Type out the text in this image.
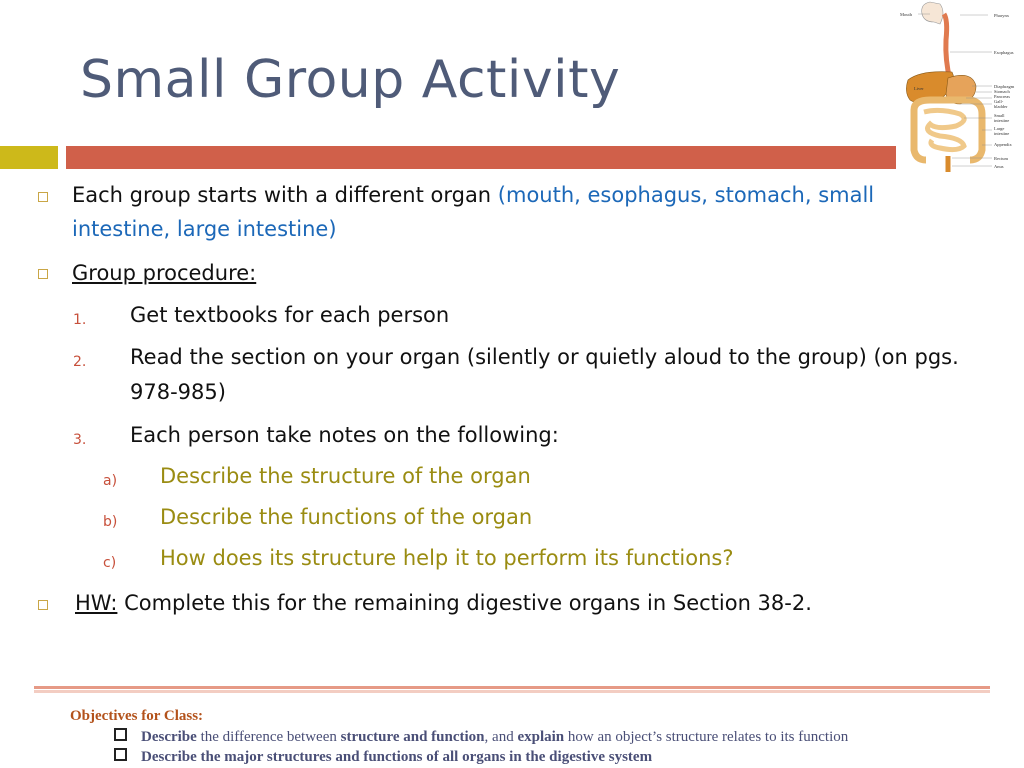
Small Group Activity
Mouth	Pharynx
Esophagus
Diaphragm
Stomach
Pancreas
Gall-
bladder
Small
intestine
Large
intestine
Appendix
Rectum
Anus
Liver
Each group starts with a different organ (mouth, esophagus, stomach, small
intestine, large intestine)
Group procedure:
1. Get textbooks for each person
2. Read the section on your organ (silently or quietly aloud to the group) (on pgs.
978-985)
3. Each person take notes on the following:
a) Describe the structure of the organ
b) Describe the functions of the organ
c) How does its structure help it to perform its functions?
HW: Complete this for the remaining digestive organs in Section 38-2.
Objectives for Class:
Describe the difference between structure and function, and explain how an object’s structure relates to its function
Describe the major structures and functions of all organs in the digestive system
